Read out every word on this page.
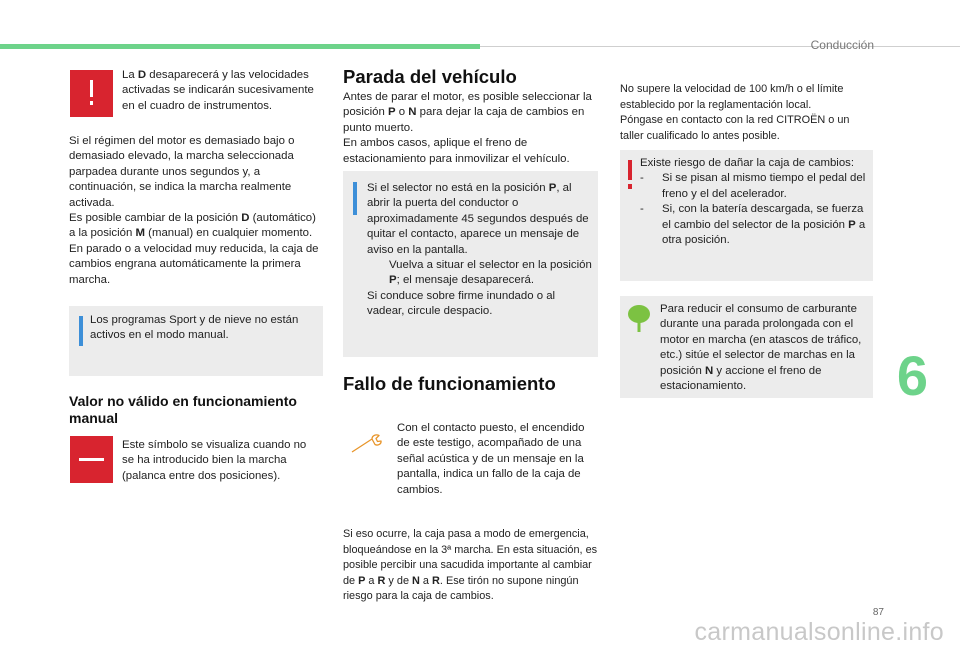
Conducción
La D desaparecerá y las velocidades activadas se indicarán sucesivamente en el cuadro de instrumentos.
Si el régimen del motor es demasiado bajo o demasiado elevado, la marcha seleccionada parpadea durante unos segundos y, a continuación, se indica la marcha realmente activada.
Es posible cambiar de la posición D (automático) a la posición M (manual) en cualquier momento.
En parado o a velocidad muy reducida, la caja de cambios engrana automáticamente la primera marcha.
Los programas Sport y de nieve no están activos en el modo manual.
Valor no válido en funcionamiento manual
Este símbolo se visualiza cuando no se ha introducido bien la marcha (palanca entre dos posiciones).
Parada del vehículo
Antes de parar el motor, es posible seleccionar la posición P o N para dejar la caja de cambios en punto muerto.
En ambos casos, aplique el freno de estacionamiento para inmovilizar el vehículo.
Si el selector no está en la posición P, al abrir la puerta del conductor o aproximadamente 45 segundos después de quitar el contacto, aparece un mensaje de aviso en la pantalla.
Vuelva a situar el selector en la posición P; el mensaje desaparecerá.
Si conduce sobre firme inundado o al vadear, circule despacio.
Fallo de funcionamiento
Con el contacto puesto, el encendido de este testigo, acompañado de una señal acústica y de un mensaje en la pantalla, indica un fallo de la caja de cambios.
Si eso ocurre, la caja pasa a modo de emergencia, bloqueándose en la 3ª marcha. En esta situación, es posible percibir una sacudida importante al cambiar de P a R y de N a R. Ese tirón no supone ningún riesgo para la caja de cambios.
No supere la velocidad de 100 km/h o el límite establecido por la reglamentación local.
Póngase en contacto con la red CITROËN o un taller cualificado lo antes posible.
Existe riesgo de dañar la caja de cambios:
-	Si se pisan al mismo tiempo el pedal del freno y el del acelerador.
-	Si, con la batería descargada, se fuerza el cambio del selector de la posición P a otra posición.
Para reducir el consumo de carburante durante una parada prolongada con el motor en marcha (en atascos de tráfico, etc.) sitúe el selector de marchas en la posición N y accione el freno de estacionamiento.	6
87
carmanualsonline.info
